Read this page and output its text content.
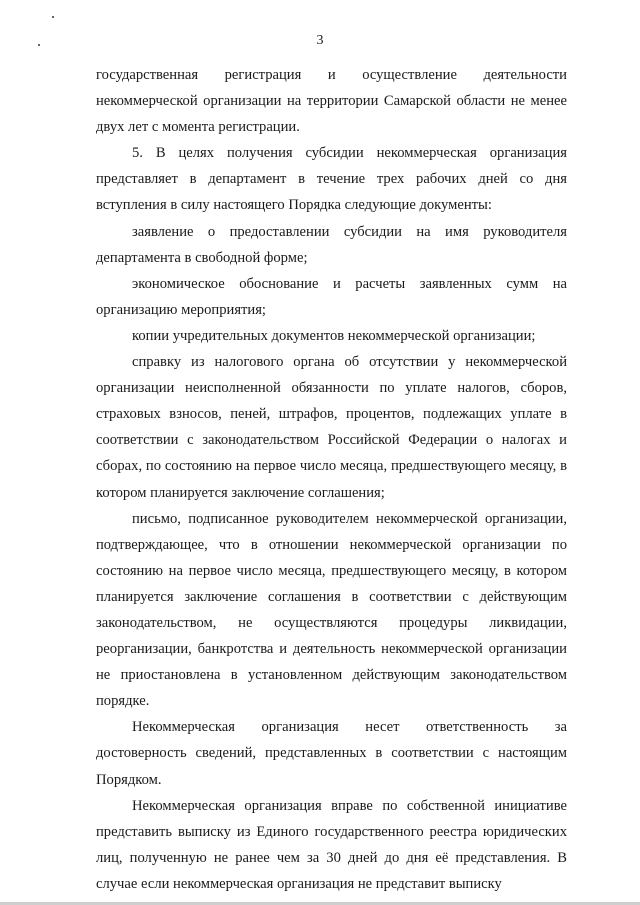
3

государственная регистрация и осуществление деятельности некоммерческой организации на территории Самарской области не менее двух лет с момента регистрации.

5. В целях получения субсидии некоммерческая организация представляет в департамент в течение трех рабочих дней со дня вступления в силу настоящего Порядка следующие документы:

заявление о предоставлении субсидии на имя руководителя департамента в свободной форме;

экономическое обоснование и расчеты заявленных сумм на организацию мероприятия;

копии учредительных документов некоммерческой организации;

справку из налогового органа об отсутствии у некоммерческой организации неисполненной обязанности по уплате налогов, сборов, страховых взносов, пеней, штрафов, процентов, подлежащих уплате в соответствии с законодательством Российской Федерации о налогах и сборах, по состоянию на первое число месяца, предшествующего месяцу, в котором планируется заключение соглашения;

письмо, подписанное руководителем некоммерческой организации, подтверждающее, что в отношении некоммерческой организации по состоянию на первое число месяца, предшествующего месяцу, в котором планируется заключение соглашения в соответствии с действующим законодательством, не осуществляются процедуры ликвидации, реорганизации, банкротства и деятельность некоммерческой организации не приостановлена в установленном действующим законодательством порядке.

Некоммерческая организация несет ответственность за достоверность сведений, представленных в соответствии с настоящим Порядком.

Некоммерческая организация вправе по собственной инициативе представить выписку из Единого государственного реестра юридических лиц, полученную не ранее чем за 30 дней до дня её представления. В случае если некоммерческая организация не представит выписку
